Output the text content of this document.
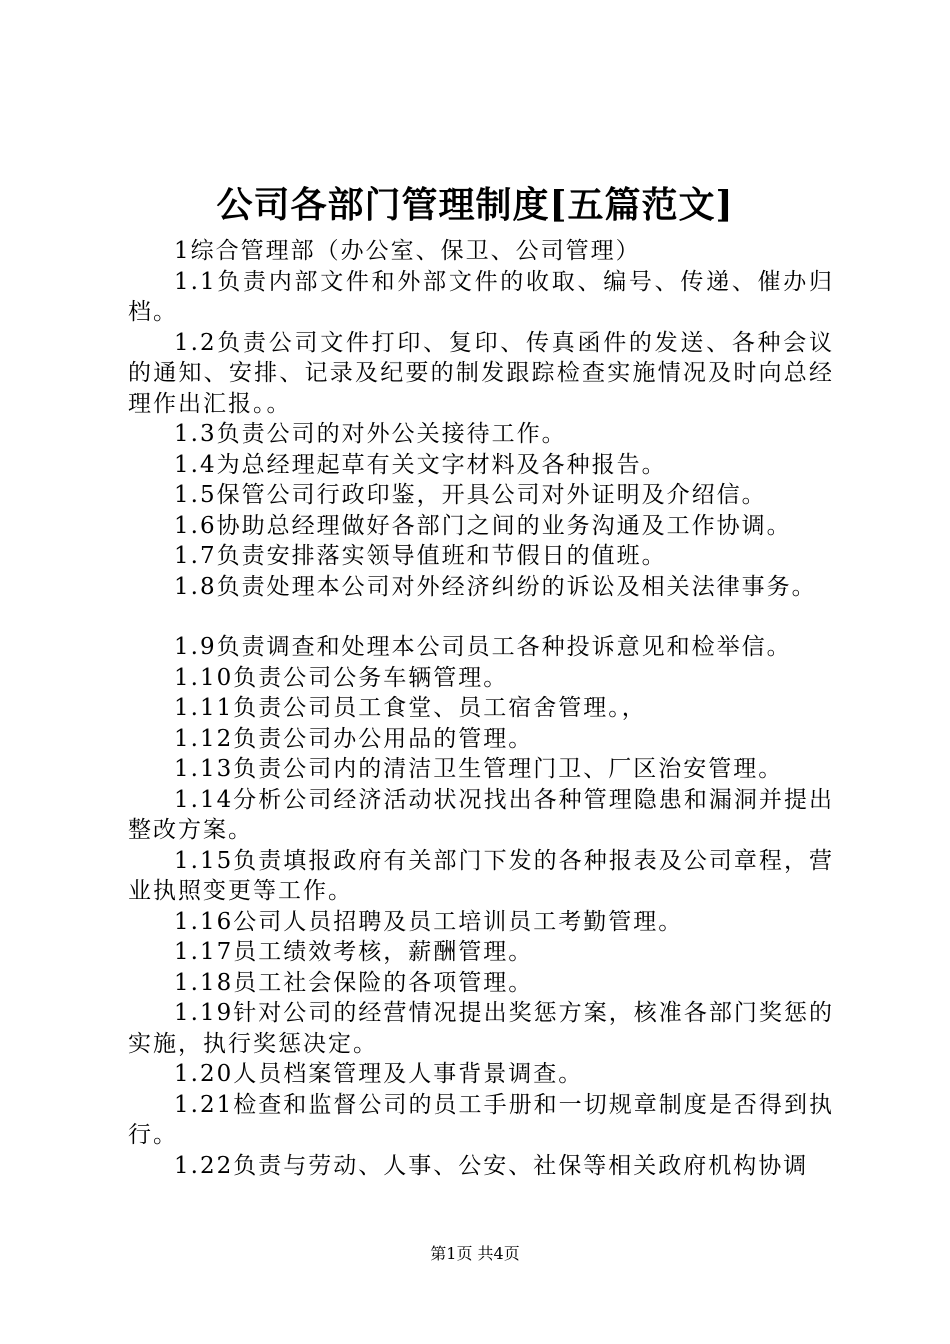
公司各部门管理制度[五篇范文]

1综合管理部（办公室、保卫、公司管理）

1.1负责内部文件和外部文件的收取、编号、传递、催办归档。

1.2负责公司文件打印、复印、传真函件的发送、各种会议的通知、安排、记录及纪要的制发跟踪检查实施情况及时向总经理作出汇报。。

1.3负责公司的对外公关接待工作。

1.4为总经理起草有关文字材料及各种报告。

1.5保管公司行政印鉴，开具公司对外证明及介绍信。

1.6协助总经理做好各部门之间的业务沟通及工作协调。

1.7负责安排落实领导值班和节假日的值班。

1.8负责处理本公司对外经济纠纷的诉讼及相关法律事务。

1.9负责调查和处理本公司员工各种投诉意见和检举信。

1.10负责公司公务车辆管理。

1.11负责公司员工食堂、员工宿舍管理。，

1.12负责公司办公用品的管理。

1.13负责公司内的清洁卫生管理门卫、厂区治安管理。

1.14分析公司经济活动状况找出各种管理隐患和漏洞并提出整改方案。

1.15负责填报政府有关部门下发的各种报表及公司章程，营业执照变更等工作。

1.16公司人员招聘及员工培训员工考勤管理。

1.17员工绩效考核，薪酬管理。

1.18员工社会保险的各项管理。

1.19针对公司的经营情况提出奖惩方案，核准各部门奖惩的实施，执行奖惩决定。

1.20人员档案管理及人事背景调查。

1.21检查和监督公司的员工手册和一切规章制度是否得到执行。

1.22负责与劳动、人事、公安、社保等相关政府机构协调

第1页 共4页
